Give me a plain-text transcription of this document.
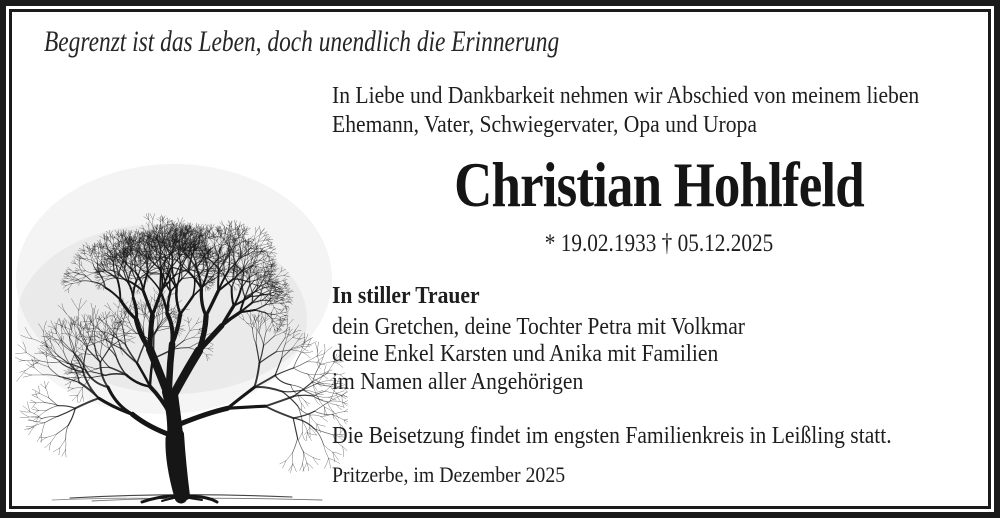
Begrenzt ist das Leben, doch unendlich die Erinnerung
In Liebe und Dankbarkeit nehmen wir Abschied von meinem lieben
Ehemann, Vater, Schwiegervater, Opa und Uropa
Christian Hohlfeld
* 19.02.1933 † 05.12.2025
In stiller Trauer
dein Gretchen, deine Tochter Petra mit Volkmar
deine Enkel Karsten und Anika mit Familien
im Namen aller Angehörigen
Die Beisetzung findet im engsten Familienkreis in Leißling statt.
Pritzerbe, im Dezember 2025
